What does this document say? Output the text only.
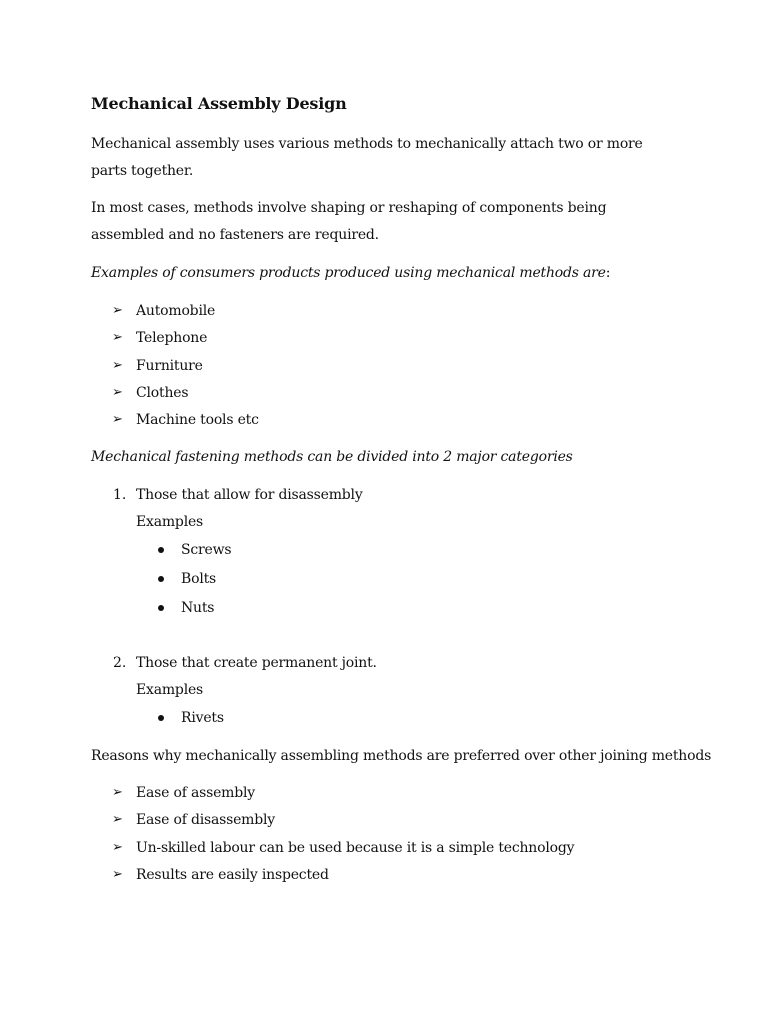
Mechanical Assembly Design
Mechanical assembly uses various methods to mechanically attach two or more parts together.
In most cases, methods involve shaping or reshaping of components being assembled and no fasteners are required.
Examples of consumers products produced using mechanical methods are:
➢ Automobile
➢ Telephone
➢ Furniture
➢ Clothes
➢ Machine tools etc
Mechanical fastening methods can be divided into 2 major categories
1. Those that allow for disassembly
Examples
Screws
Bolts
Nuts
2. Those that create permanent joint.
Examples
Rivets
Reasons why mechanically assembling methods are preferred over other joining methods
➢ Ease of assembly
➢ Ease of disassembly
➢ Un-skilled labour can be used because it is a simple technology
➢ Results are easily inspected
